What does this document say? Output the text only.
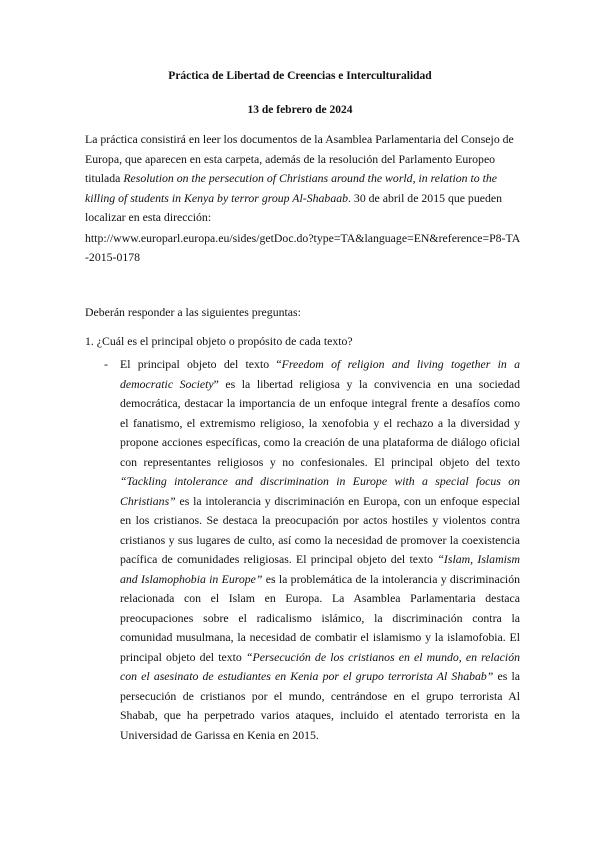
Práctica de Libertad de Creencias e Interculturalidad
13 de febrero de 2024
La práctica consistirá en leer los documentos de la Asamblea Parlamentaria del Consejo de Europa, que aparecen en esta carpeta, además de la resolución del Parlamento Europeo titulada Resolution on the persecution of Christians around the world, in relation to the killing of students in Kenya by terror group Al-Shabaab. 30 de abril de 2015 que pueden localizar en esta dirección:
http://www.europarl.europa.eu/sides/getDoc.do?type=TA&language=EN&reference=P8-TA-2015-0178
Deberán responder a las siguientes preguntas:
1. ¿Cuál es el principal objeto o propósito de cada texto?
- El principal objeto del texto “Freedom of religion and living together in a democratic Society” es la libertad religiosa y la convivencia en una sociedad democrática, destacar la importancia de un enfoque integral frente a desafíos como el fanatismo, el extremismo religioso, la xenofobia y el rechazo a la diversidad y propone acciones específicas, como la creación de una plataforma de diálogo oficial con representantes religiosos y no confesionales. El principal objeto del texto “Tackling intolerance and discrimination in Europe with a special focus on Christians” es la intolerancia y discriminación en Europa, con un enfoque especial en los cristianos. Se destaca la preocupación por actos hostiles y violentos contra cristianos y sus lugares de culto, así como la necesidad de promover la coexistencia pacífica de comunidades religiosas. El principal objeto del texto “Islam, Islamism and Islamophobia in Europe” es la problemática de la intolerancia y discriminación relacionada con el Islam en Europa. La Asamblea Parlamentaria destaca preocupaciones sobre el radicalismo islámico, la discriminación contra la comunidad musulmana, la necesidad de combatir el islamismo y la islamofobia. El principal objeto del texto “Persecución de los cristianos en el mundo, en relación con el asesinato de estudiantes en Kenia por el grupo terrorista Al Shabab” es la persecución de cristianos por el mundo, centrándose en el grupo terrorista Al Shabab, que ha perpetrado varios ataques, incluido el atentado terrorista en la Universidad de Garissa en Kenia en 2015.
